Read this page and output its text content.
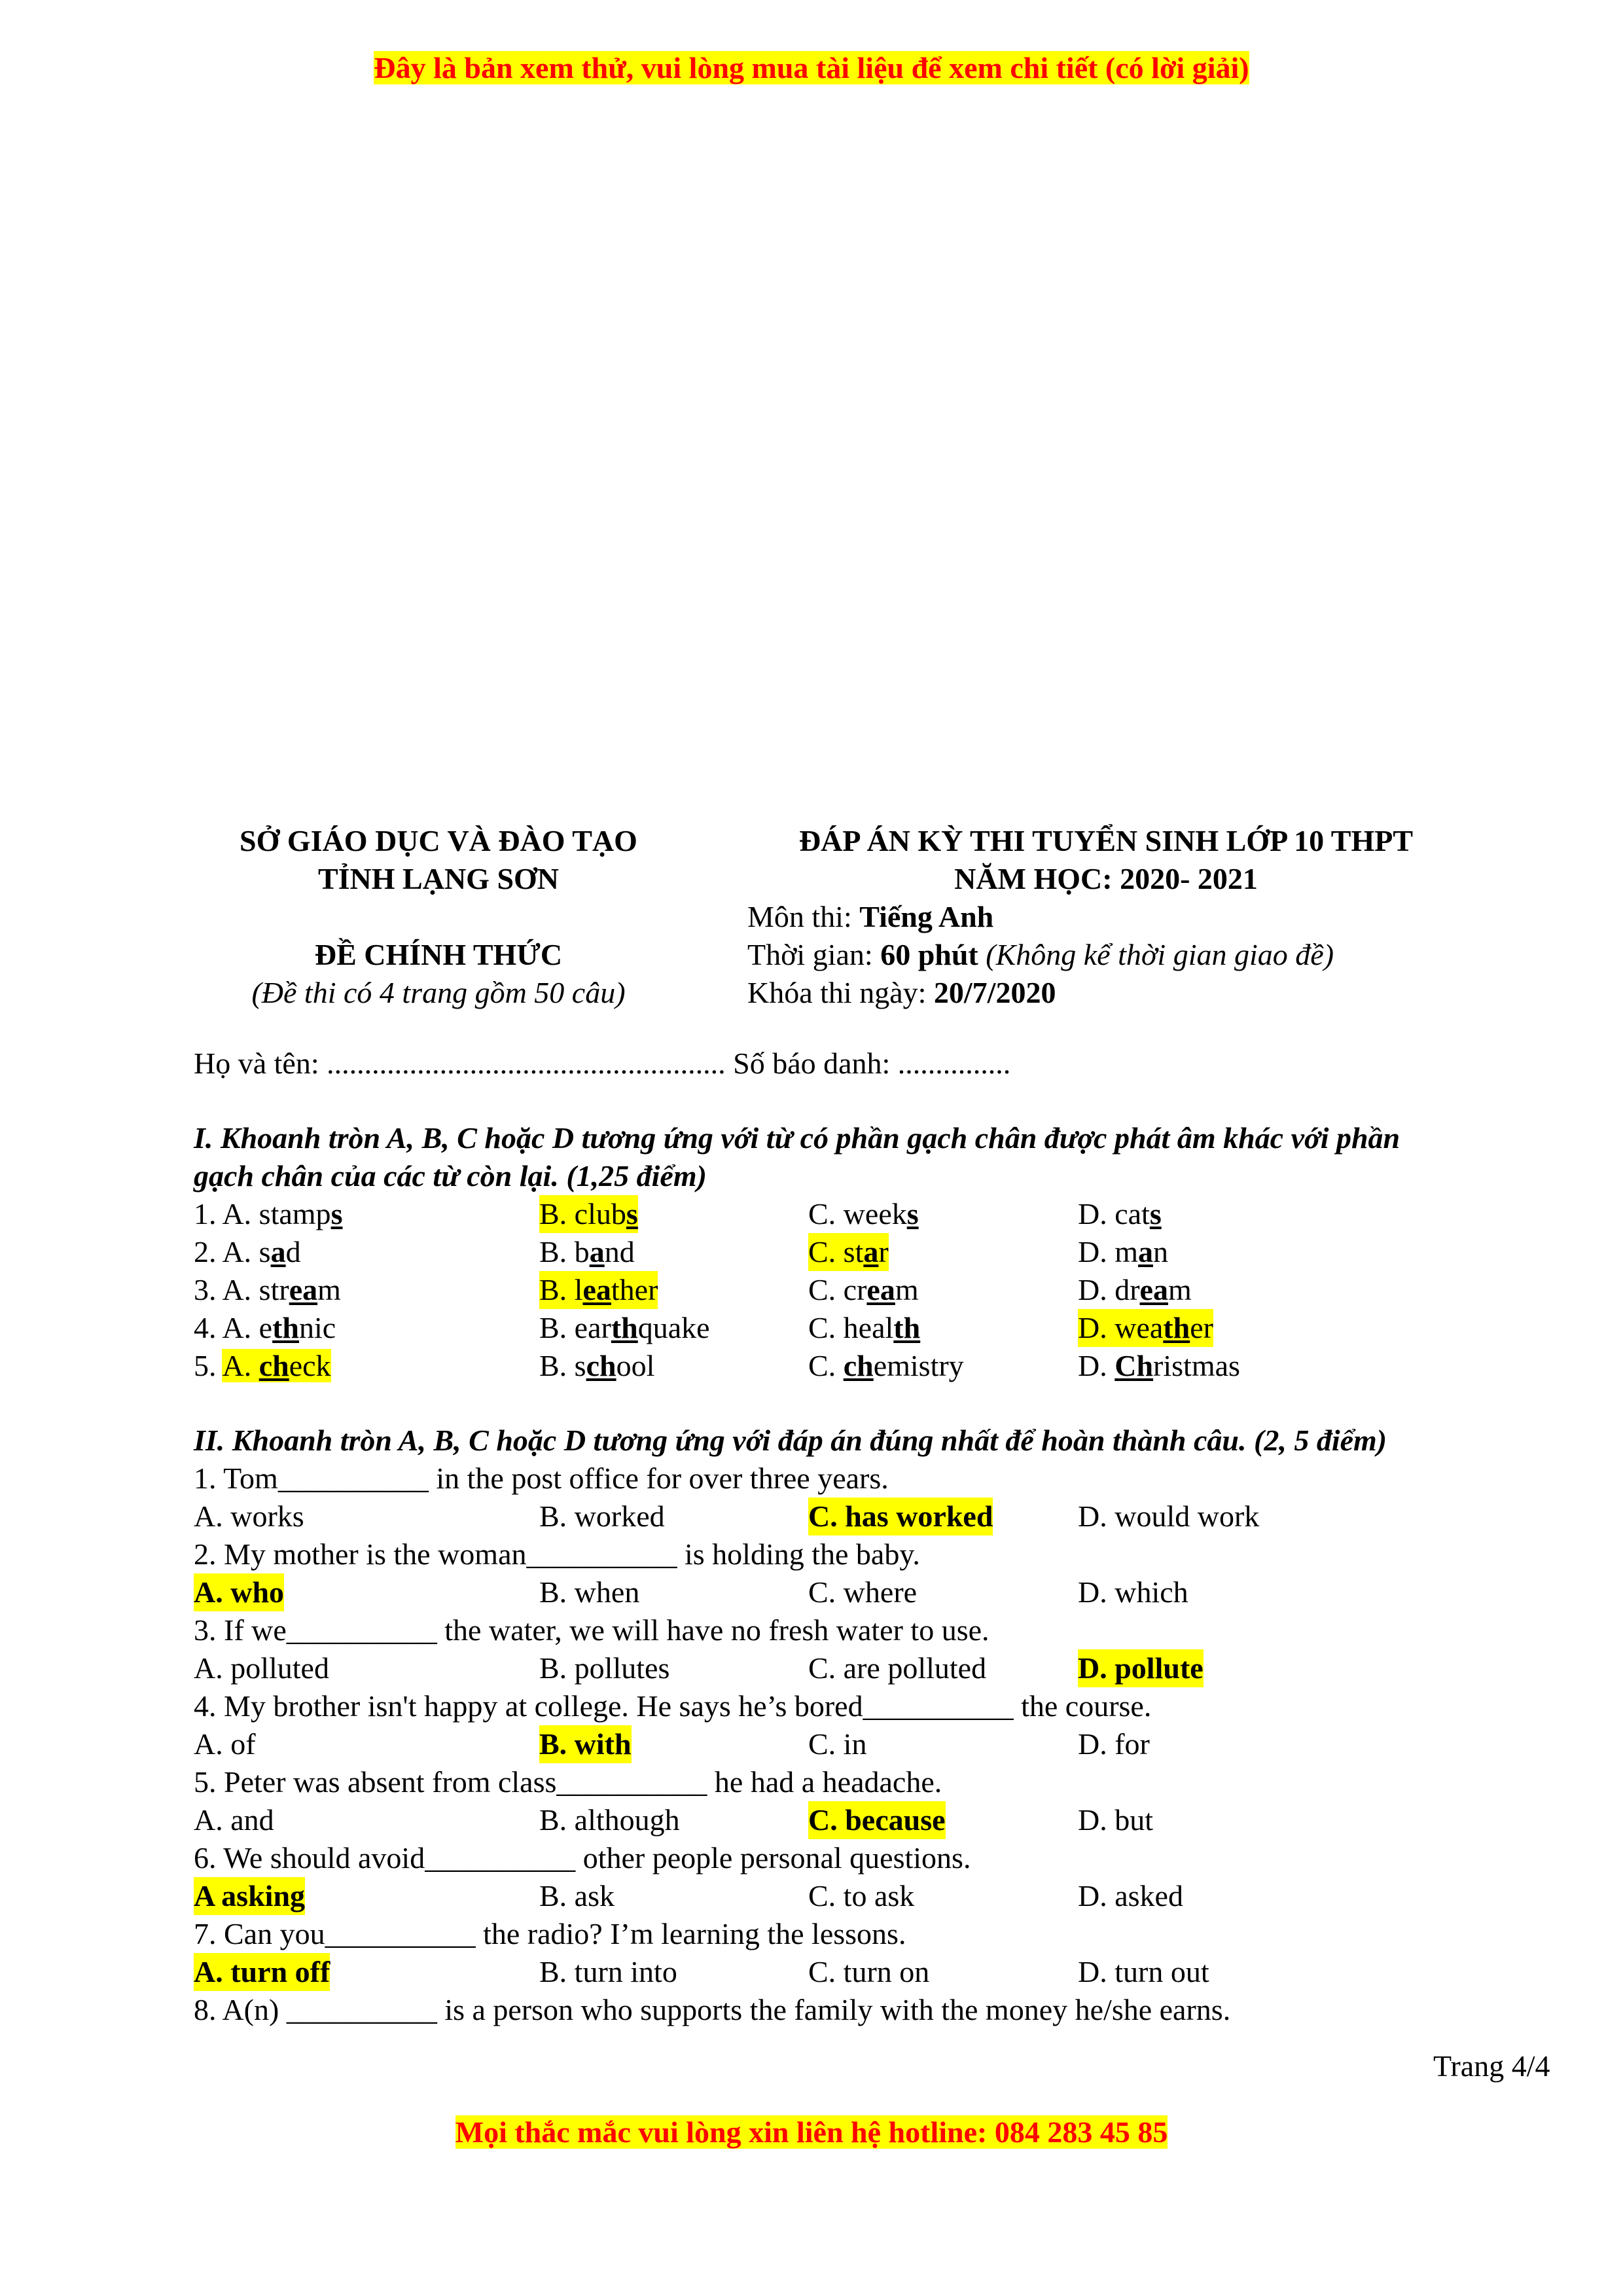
Đây là bản xem thử, vui lòng mua tài liệu để xem chi tiết (có lời giải)
SỞ GIÁO DỤC VÀ ĐÀO TẠO
TỈNH LẠNG SƠN
ĐỀ CHÍNH THỨC
(Đề thi có 4 trang gồm 50 câu)
ĐÁP ÁN KỲ THI TUYỂN SINH LỚP 10 THPT
NĂM HỌC: 2020- 2021
Môn thi: Tiếng Anh
Thời gian: 60 phút (Không kể thời gian giao đề)
Khóa thi ngày: 20/7/2020
Họ và tên: ..................................................... Số báo danh: ...............
I. Khoanh tròn A, B, C hoặc D tương ứng với từ có phần gạch chân được phát âm khác với phần
gạch chân của các từ còn lại. (1,25 điểm)
1. A. stamps	B. clubs	C. weeks	D. cats
2. A. sad	B. band	C. star	D. man
3. A. stream	B. leather	C. cream	D. dream
4. A. ethnic	B. earthquake	C. health	D. weather
5. A. check	B. school	C. chemistry	D. Christmas
II. Khoanh tròn A, B, C hoặc D tương ứng với đáp án đúng nhất để hoàn thành câu. (2, 5 điểm)
1. Tom__________ in the post office for over three years.
A. works	B. worked	C. has worked	D. would work
2. My mother is the woman__________ is holding the baby.
A. who	B. when	C. where	D. which
3. If we__________ the water, we will have no fresh water to use.
A. polluted	B. pollutes	C. are polluted	D. pollute
4. My brother isn't happy at college. He says he’s bored__________ the course.
A. of	B. with	C. in	D. for
5. Peter was absent from class__________ he had a headache.
A. and	B. although	C. because	D. but
6. We should avoid__________ other people personal questions.
A asking	B. ask	C. to ask	D. asked
7. Can you__________ the radio? I’m learning the lessons.
A. turn off	B. turn into	C. turn on	D. turn out
8. A(n) __________ is a person who supports the family with the money he/she earns.
Trang 4/4
Mọi thắc mắc vui lòng xin liên hệ hotline: 084 283 45 85
